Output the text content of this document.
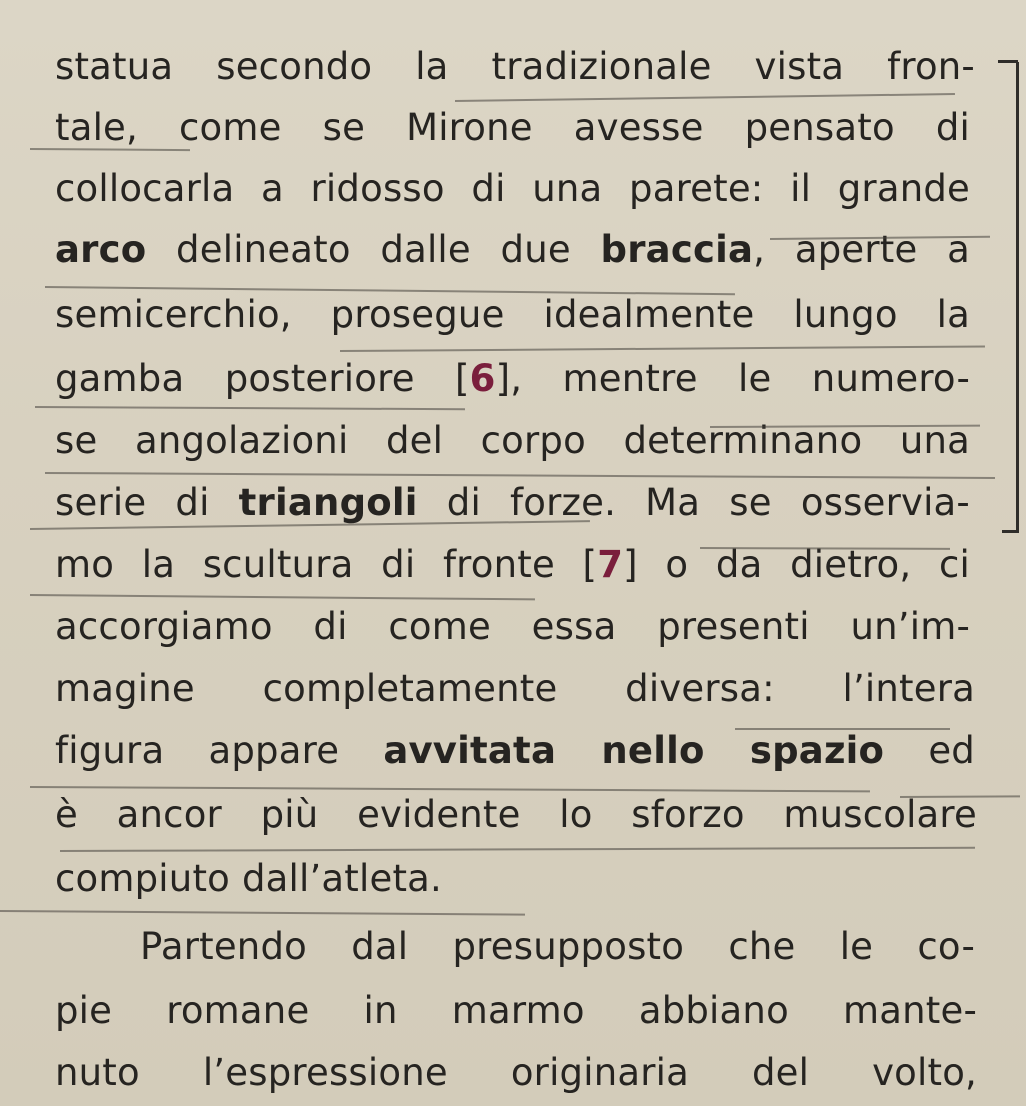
statua secondo la tradizionale vista fron-

tale, come se Mirone avesse pensato di

collocarla a ridosso di una parete: il grande

arco delineato dalle due braccia, aperte a

semicerchio, prosegue idealmente lungo la

gamba posteriore [6], mentre le numero-

se angolazioni del corpo determinano una

serie di triangoli di forze. Ma se osservia-

mo la scultura di fronte [7] o da dietro, ci

accorgiamo di come essa presenti un’im-

magine completamente diversa: l’intera

figura appare avvitata nello spazio ed

è ancor più evidente lo sforzo muscolare

compiuto dall’atleta.

Partendo dal presupposto che le co-

pie romane in marmo abbiano mante-

nuto l’espressione originaria del volto,
